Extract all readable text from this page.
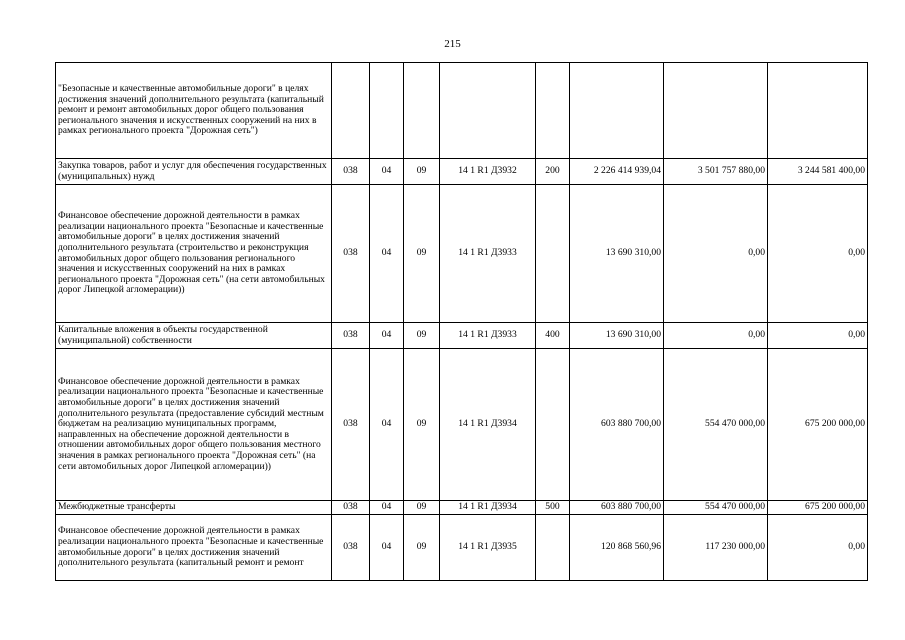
215
"Безопасные и качественные автомобильные дороги" в целях достижения значений дополнительного результата (капитальный ремонт и ремонт автомобильных дорог общего пользования регионального значения и искусственных сооружений на них в рамках регионального проекта "Дорожная сеть")								
Закупка товаров, работ и услуг для обеспечения государственных (муниципальных) нужд	038	04	09	14 1 R1 Д3932	200	2 226 414 939,04	3 501 757 880,00	3 244 581 400,00
Финансовое обеспечение дорожной деятельности в рамках реализации национального проекта "Безопасные и качественные автомобильные дороги" в целях достижения значений дополнительного результата (строительство и реконструкция автомобильных дорог общего пользования регионального значения и искусственных сооружений на них в рамках регионального проекта "Дорожная сеть" (на сети автомобильных дорог Липецкой агломерации))	038	04	09	14 1 R1 Д3933		13 690 310,00	0,00	0,00
Капитальные вложения в объекты государственной (муниципальной) собственности	038	04	09	14 1 R1 Д3933	400	13 690 310,00	0,00	0,00
Финансовое обеспечение дорожной деятельности в рамках реализации национального проекта "Безопасные и качественные автомобильные дороги" в целях достижения значений дополнительного результата (предоставление субсидий местным бюджетам на реализацию муниципальных программ, направленных на обеспечение дорожной деятельности в отношении автомобильных дорог общего пользования местного значения в рамках регионального проекта "Дорожная сеть" (на сети автомобильных дорог Липецкой агломерации))	038	04	09	14 1 R1 Д3934		603 880 700,00	554 470 000,00	675 200 000,00
Межбюджетные трансферты	038	04	09	14 1 R1 Д3934	500	603 880 700,00	554 470 000,00	675 200 000,00
Финансовое обеспечение дорожной деятельности в рамках реализации национального проекта "Безопасные и качественные автомобильные дороги" в целях достижения значений дополнительного результата (капитальный ремонт и ремонт	038	04	09	14 1 R1 Д3935		120 868 560,96	117 230 000,00	0,00
